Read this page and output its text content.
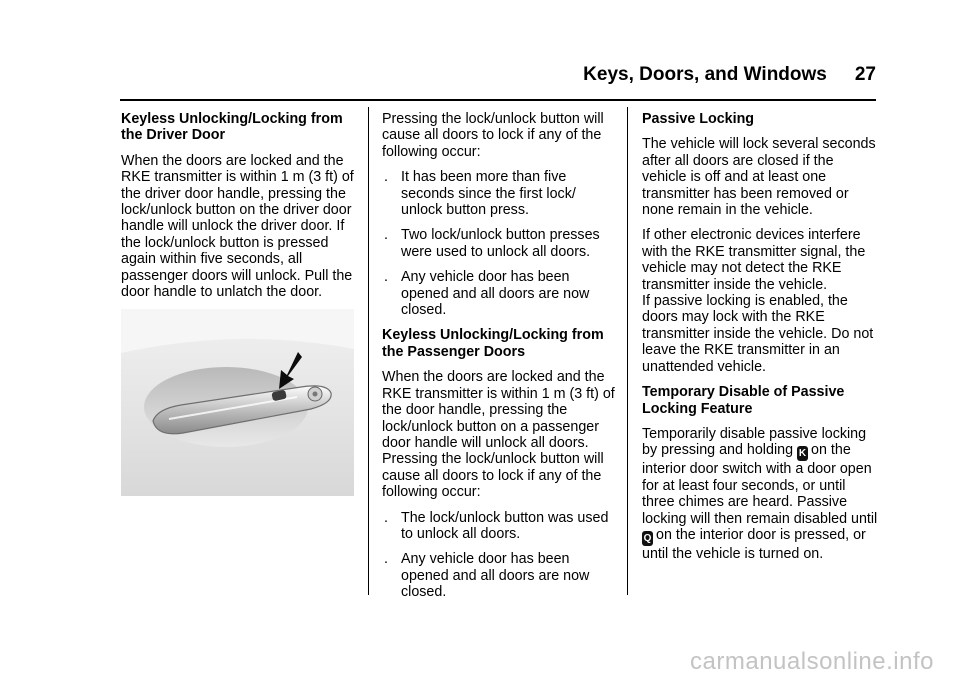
Keys, Doors, and Windows 27
Keyless Unlocking/Locking from the Driver Door

When the doors are locked and the RKE transmitter is within 1 m (3 ft) of the driver door handle, pressing the lock/unlock button on the driver door handle will unlock the driver door. If the lock/unlock button is pressed again within five seconds, all passenger doors will unlock. Pull the door handle to unlatch the door.

Pressing the lock/unlock button will cause all doors to lock if any of the following occur:

. It has been more than five seconds since the first lock/ unlock button press.
. Two lock/unlock button presses were used to unlock all doors.
. Any vehicle door has been opened and all doors are now closed.
Keyless Unlocking/Locking from the Passenger Doors

When the doors are locked and the RKE transmitter is within 1 m (3 ft) of the door handle, pressing the lock/unlock button on a passenger door handle will unlock all doors. Pressing the lock/unlock button will cause all doors to lock if any of the following occur:

. The lock/unlock button was used to unlock all doors.
. Any vehicle door has been opened and all doors are now closed.
Passive Locking

The vehicle will lock several seconds after all doors are closed if the vehicle is off and at least one transmitter has been removed or none remain in the vehicle.

If other electronic devices interfere with the RKE transmitter signal, the vehicle may not detect the RKE transmitter inside the vehicle.

If passive locking is enabled, the doors may lock with the RKE transmitter inside the vehicle. Do not leave the RKE transmitter in an unattended vehicle.

Temporary Disable of Passive Locking Feature

Temporarily disable passive locking by pressing and holding K on the interior door switch with a door open for at least four seconds, or until three chimes are heard. Passive locking will then remain disabled until Q on the interior door is pressed, or until the vehicle is turned on.

carmanualsonline.info
